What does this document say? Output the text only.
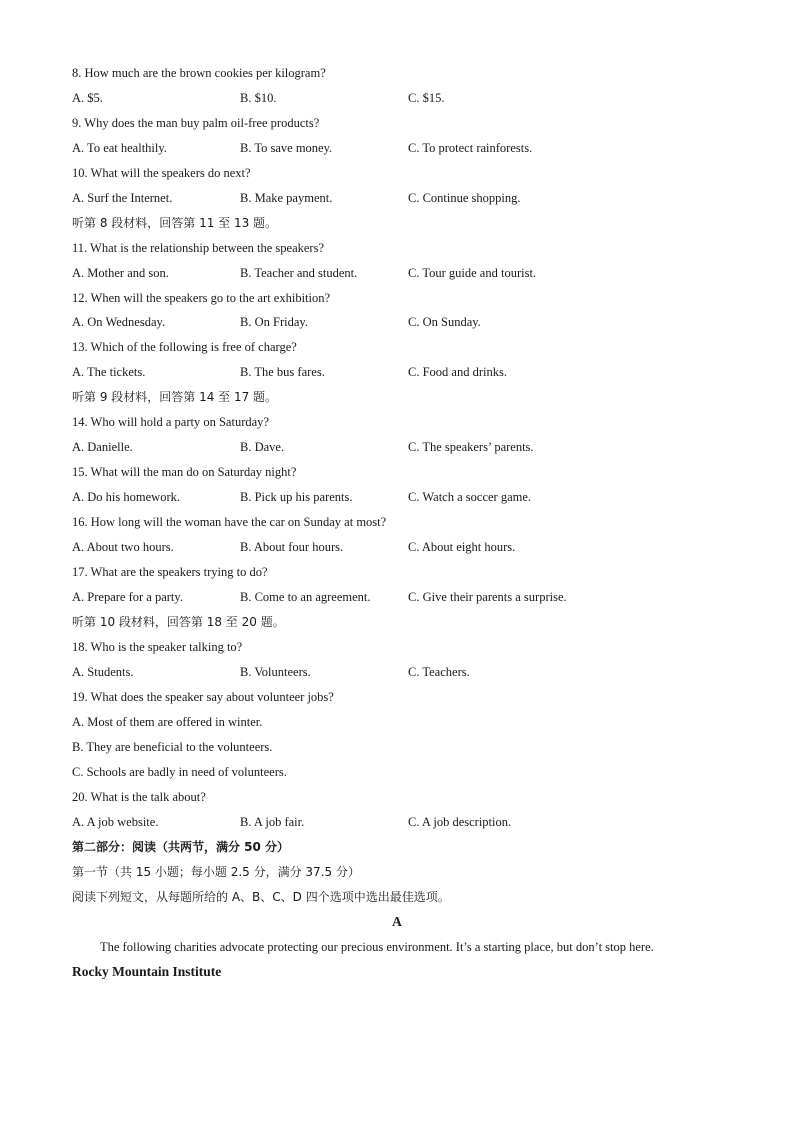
8. How much are the brown cookies per kilogram?
A. $5.	B. $10.	C. $15.
9. Why does the man buy palm oil-free products?
A. To eat healthily.	B. To save money.	C. To protect rainforests.
10. What will the speakers do next?
A. Surf the Internet.	B. Make payment.	C. Continue shopping.
听第 8 段材料，回答第 11 至 13 题。
11. What is the relationship between the speakers?
A. Mother and son.	B. Teacher and student.	C. Tour guide and tourist.
12. When will the speakers go to the art exhibition?
A. On Wednesday.	B. On Friday.	C. On Sunday.
13. Which of the following is free of charge?
A. The tickets.	B. The bus fares.	C. Food and drinks.
听第 9 段材料，回答第 14 至 17 题。
14. Who will hold a party on Saturday?
A. Danielle.	B. Dave.	C. The speakers’ parents.
15. What will the man do on Saturday night?
A. Do his homework.	B. Pick up his parents.	C. Watch a soccer game.
16. How long will the woman have the car on Sunday at most?
A. About two hours.	B. About four hours.	C. About eight hours.
17. What are the speakers trying to do?
A. Prepare for a party.	B. Come to an agreement.	C. Give their parents a surprise.
听第 10 段材料，回答第 18 至 20 题。
18. Who is the speaker talking to?
A. Students.	B. Volunteers.	C. Teachers.
19. What does the speaker say about volunteer jobs?
A. Most of them are offered in winter.
B. They are beneficial to the volunteers.
C. Schools are badly in need of volunteers.
20. What is the talk about?
A. A job website.	B. A job fair.	C. A job description.
第二部分：阅读（共两节，满分 50 分）
第一节（共 15 小题；每小题 2.5 分，满分 37.5 分）
阅读下列短文，从每题所给的 A、B、C、D 四个选项中选出最佳选项。
A
The following charities advocate protecting our precious environment. It’s a starting place, but don’t stop here.
Rocky Mountain Institute
